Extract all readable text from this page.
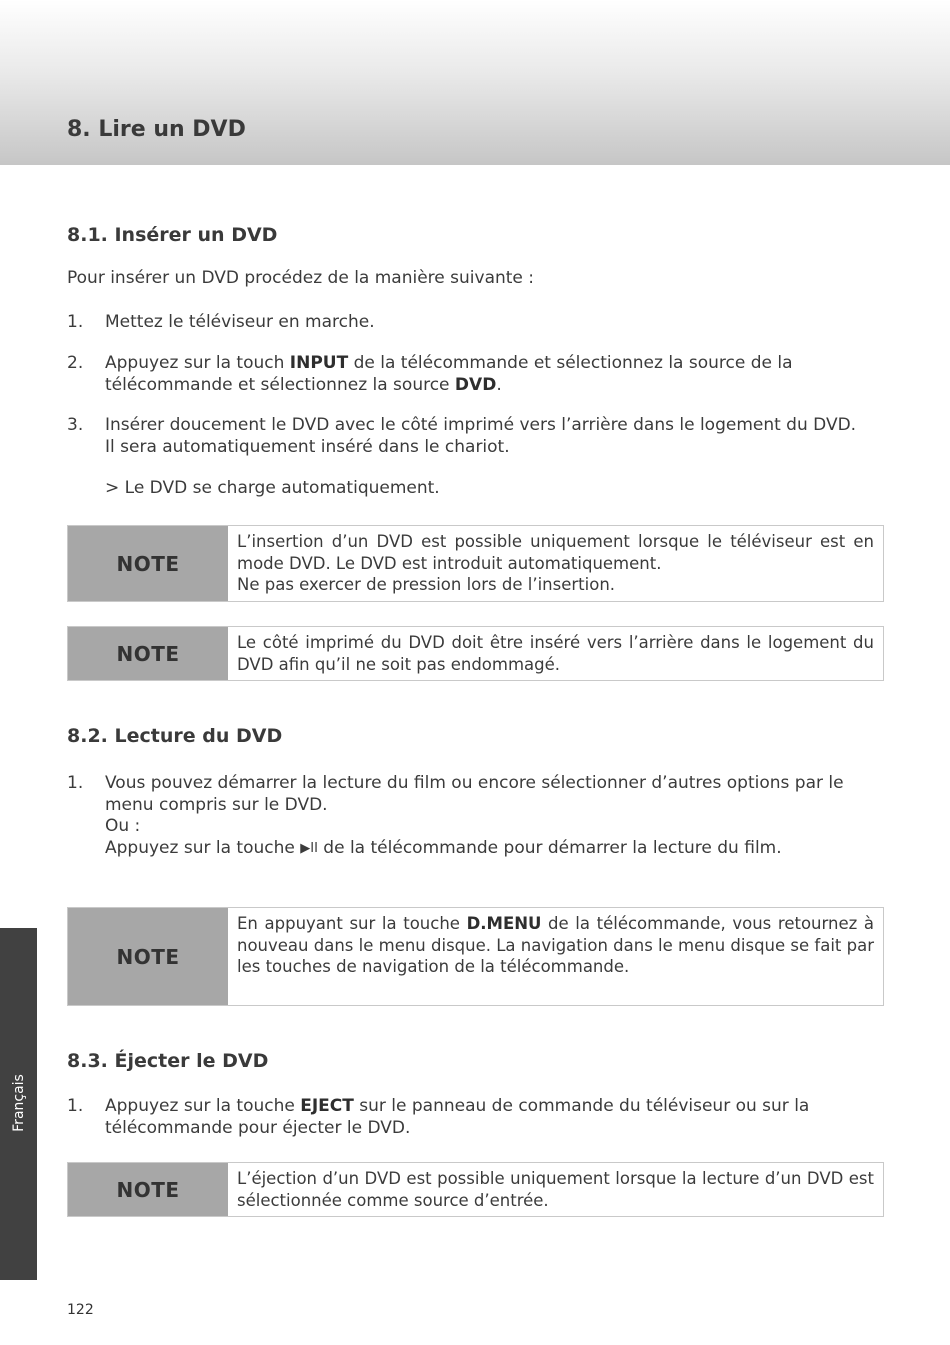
8. Lire un DVD
8.1. Insérer un DVD

Pour insérer un DVD procédez de la manière suivante :

1.	Mettez le téléviseur en marche.
2.	Appuyez sur la touch INPUT de la télécommande et sélectionnez la source de la télécommande et sélectionnez la source DVD.
3.	Insérer doucement le DVD avec le côté imprimé vers l’arrière dans le logement du DVD. Il sera automatiquement inséré dans le chariot.

> Le DVD se charge automatiquement.

NOTE
L’insertion d’un DVD est possible uniquement lorsque le téléviseur est en mode DVD. Le DVD est introduit automatiquement.
Ne pas exercer de pression lors de l’insertion.
NOTE	Le côté imprimé du DVD doit être inséré vers l’arrière dans le logement du DVD afin qu’il ne soit pas endommagé.
8.2. Lecture du DVD
1.	Vous pouvez démarrer la lecture du film ou encore sélectionner d’autres options par le menu compris sur le DVD.
Ou :
Appuyez sur la touche ▶II de la télécommande pour démarrer la lecture du film.
NOTE
En appuyant sur la touche D.MENU de la télécommande, vous retournez à nouveau dans le menu disque. La navigation dans le menu disque se fait par les touches de navigation de la télécommande.
8.3. Éjecter le DVD
1.	Appuyez sur la touche EJECT sur le panneau de commande du téléviseur ou sur la télécommande pour éjecter le DVD.
NOTE	L’éjection d’un DVD est possible uniquement lorsque la lecture d’un DVD est sélectionnée comme source d’entrée.
Français
122
